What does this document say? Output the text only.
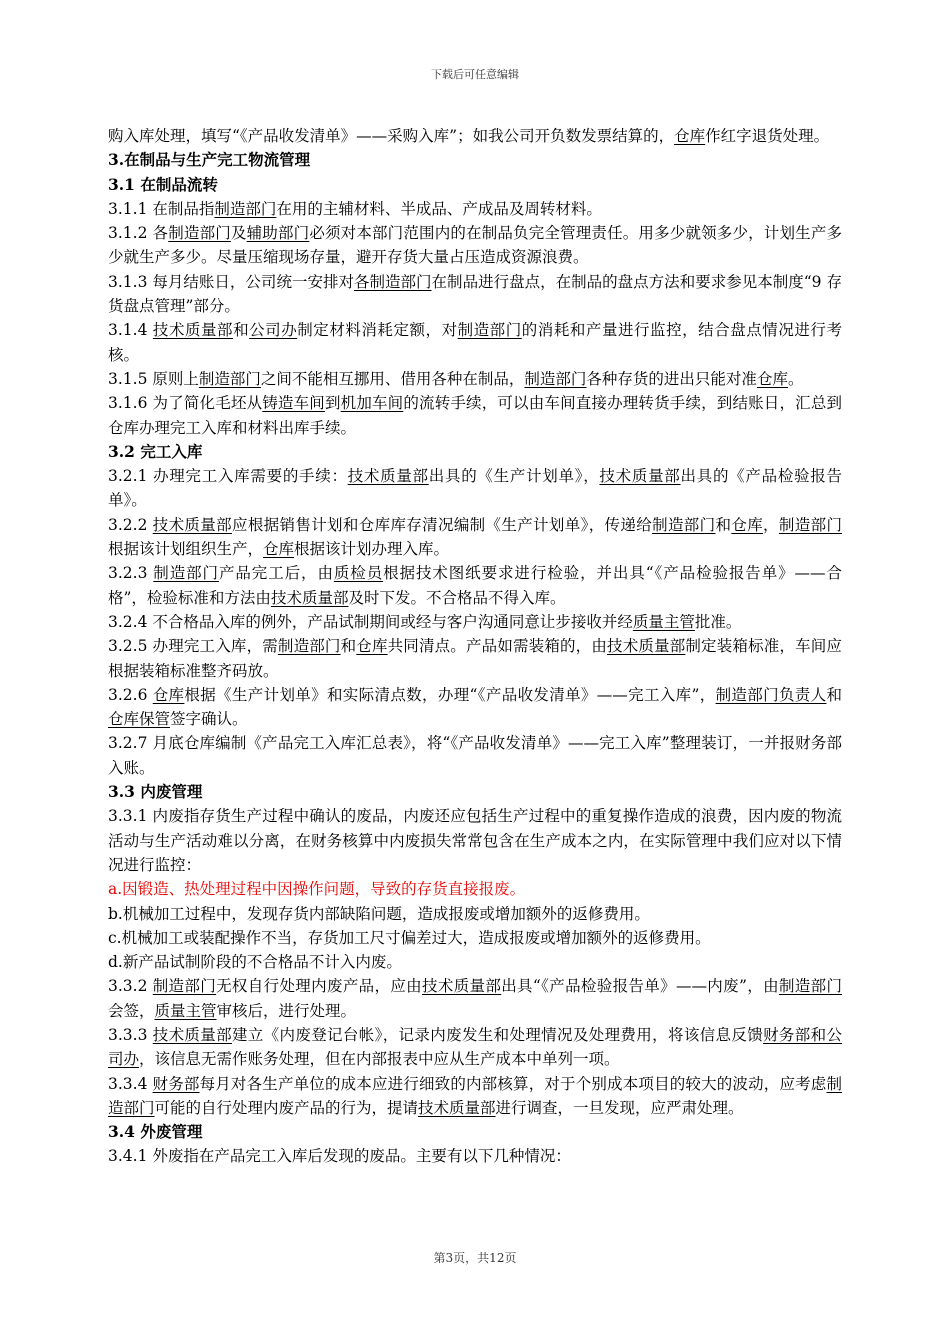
下载后可任意编辑

购入库处理，填写“《产品收发清单》——采购入库”；如我公司开负数发票结算的，仓库作红字退货处理。

3.在制品与生产完工物流管理

3.1 在制品流转

3.1.1 在制品指制造部门在用的主辅材料、半成品、产成品及周转材料。

3.1.2 各制造部门及辅助部门必须对本部门范围内的在制品负完全管理责任。用多少就领多少，计划生产多少就生产多少。尽量压缩现场存量，避开存货大量占压造成资源浪费。

3.1.3 每月结账日，公司统一安排对各制造部门在制品进行盘点，在制品的盘点方法和要求参见本制度“9 存货盘点管理”部分。

3.1.4 技术质量部和公司办制定材料消耗定额，对制造部门的消耗和产量进行监控，结合盘点情况进行考核。

3.1.5 原则上制造部门之间不能相互挪用、借用各种在制品，制造部门各种存货的进出只能对准仓库。

3.1.6 为了简化毛坯从铸造车间到机加车间的流转手续，可以由车间直接办理转货手续，到结账日，汇总到仓库办理完工入库和材料出库手续。

3.2 完工入库

3.2.1 办理完工入库需要的手续：技术质量部出具的《生产计划单》，技术质量部出具的《产品检验报告单》。

3.2.2 技术质量部应根据销售计划和仓库库存清况编制《生产计划单》，传递给制造部门和仓库，制造部门根据该计划组织生产，仓库根据该计划办理入库。

3.2.3 制造部门产品完工后，由质检员根据技术图纸要求进行检验，并出具“《产品检验报告单》——合格”，检验标准和方法由技术质量部及时下发。不合格品不得入库。

3.2.4 不合格品入库的例外，产品试制期间或经与客户沟通同意让步接收并经质量主管批准。

3.2.5 办理完工入库，需制造部门和仓库共同清点。产品如需装箱的，由技术质量部制定装箱标准，车间应根据装箱标准整齐码放。

3.2.6 仓库根据《生产计划单》和实际清点数，办理“《产品收发清单》——完工入库”，制造部门负责人和仓库保管签字确认。

3.2.7 月底仓库编制《产品完工入库汇总表》，将“《产品收发清单》——完工入库”整理装订，一并报财务部入账。

3.3 内废管理

3.3.1 内废指存货生产过程中确认的废品，内废还应包括生产过程中的重复操作造成的浪费，因内废的物流活动与生产活动难以分离，在财务核算中内废损失常常包含在生产成本之内，在实际管理中我们应对以下情况进行监控：

a.因锻造、热处理过程中因操作问题，导致的存货直接报废。

b.机械加工过程中，发现存货内部缺陷问题，造成报废或增加额外的返修费用。

c.机械加工或装配操作不当，存货加工尺寸偏差过大，造成报废或增加额外的返修费用。

d.新产品试制阶段的不合格品不计入内废。

3.3.2 制造部门无权自行处理内废产品，应由技术质量部出具“《产品检验报告单》——内废”，由制造部门会签，质量主管审核后，进行处理。

3.3.3 技术质量部建立《内废登记台帐》，记录内废发生和处理情况及处理费用，将该信息反馈财务部和公司办，该信息无需作账务处理，但在内部报表中应从生产成本中单列一项。

3.3.4 财务部每月对各生产单位的成本应进行细致的内部核算，对于个别成本项目的较大的波动，应考虑制造部门可能的自行处理内废产品的行为，提请技术质量部进行调查，一旦发现，应严肃处理。

3.4 外废管理

3.4.1 外废指在产品完工入库后发现的废品。主要有以下几种情况：

第3页，共12页
